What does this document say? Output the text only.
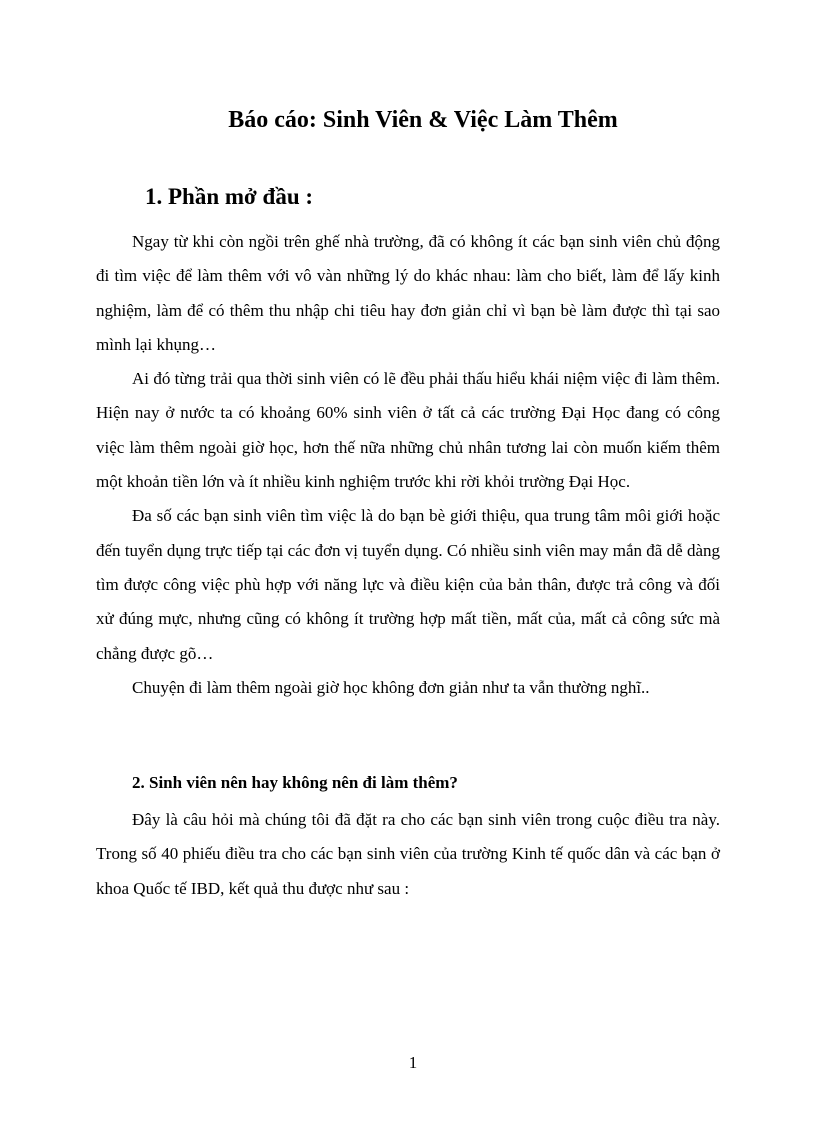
Báo cáo: Sinh Viên & Việc Làm Thêm
1. Phần mở đầu :

Ngay từ khi còn ngồi trên ghế nhà trường, đã có không ít các bạn sinh viên chủ động đi tìm việc để làm thêm với vô vàn những lý do khác nhau: làm cho biết, làm để lấy kinh nghiệm, làm để có thêm thu nhập chi tiêu hay đơn giản chỉ vì bạn bè làm được thì tại sao mình lại khụng…

Ai đó từng trải qua thời sinh viên có lẽ đều phải thấu hiểu khái niệm việc đi làm thêm. Hiện nay ở nước ta có khoảng 60% sinh viên ở tất cả các trường Đại Học đang có công việc làm thêm ngoài giờ học, hơn thế nữa những chủ nhân tương lai còn muốn kiếm thêm một khoản tiền lớn và ít nhiều kinh nghiệm trước khi rời khỏi trường Đại Học.

Đa số các bạn sinh viên tìm việc là do bạn bè giới thiệu, qua trung tâm môi giới hoặc đến tuyển dụng trực tiếp tại các đơn vị tuyển dụng. Có nhiều sinh viên may mắn đã dễ dàng tìm được công việc phù hợp với năng lực và điều kiện của bản thân, được trả công và đối xử đúng mực, nhưng cũng có không ít trường hợp mất tiền, mất của, mất cả công sức mà chẳng được gõ…

Chuyện đi làm thêm ngoài giờ học không đơn giản như ta vẫn thường nghĩ..

2. Sinh viên nên hay không nên đi làm thêm?

Đây là câu hỏi mà chúng tôi đã đặt ra cho các bạn sinh viên trong cuộc điều tra này. Trong số 40 phiếu điều tra cho các bạn sinh viên của trường Kinh tế quốc dân và các bạn ở khoa Quốc tế IBD, kết quả thu được như sau :

1
